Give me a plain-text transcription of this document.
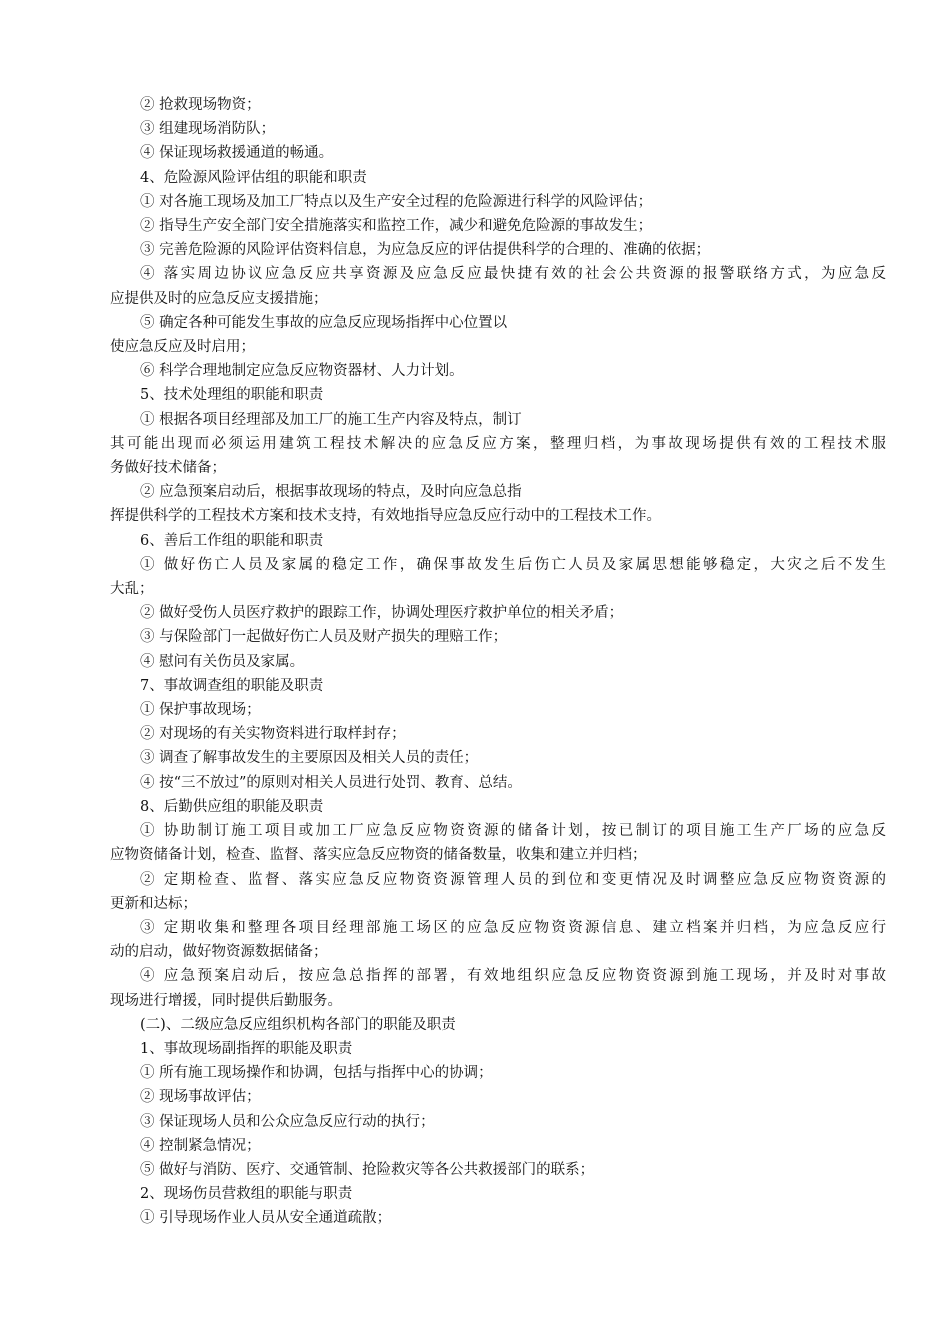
② 抢救现场物资；

③ 组建现场消防队；

④ 保证现场救援通道的畅通。

4、危险源风险评估组的职能和职责

① 对各施工现场及加工厂特点以及生产安全过程的危险源进行科学的风险评估；

② 指导生产安全部门安全措施落实和监控工作，减少和避免危险源的事故发生；

③ 完善危险源的风险评估资料信息，为应急反应的评估提供科学的合理的、准确的依据；

④ 落实周边协议应急反应共享资源及应急反应最快捷有效的社会公共资源的报警联络方式，为应急反

应提供及时的应急反应支援措施；

⑤ 确定各种可能发生事故的应急反应现场指挥中心位置以

使应急反应及时启用；

⑥ 科学合理地制定应急反应物资器材、人力计划。

5、技术处理组的职能和职责

① 根据各项目经理部及加工厂的施工生产内容及特点，制订

其可能出现而必须运用建筑工程技术解决的应急反应方案，整理归档，为事故现场提供有效的工程技术服

务做好技术储备；

② 应急预案启动后，根据事故现场的特点，及时向应急总指

挥提供科学的工程技术方案和技术支持，有效地指导应急反应行动中的工程技术工作。

6、善后工作组的职能和职责

① 做好伤亡人员及家属的稳定工作，确保事故发生后伤亡人员及家属思想能够稳定，大灾之后不发生

大乱；

② 做好受伤人员医疗救护的跟踪工作，协调处理医疗救护单位的相关矛盾；

③ 与保险部门一起做好伤亡人员及财产损失的理赔工作；

④ 慰问有关伤员及家属。

7、事故调查组的职能及职责

① 保护事故现场；

② 对现场的有关实物资料进行取样封存；

③ 调查了解事故发生的主要原因及相关人员的责任；

④ 按“三不放过”的原则对相关人员进行处罚、教育、总结。

8、后勤供应组的职能及职责

① 协助制订施工项目或加工厂应急反应物资资源的储备计划，按已制订的项目施工生产厂场的应急反

应物资储备计划，检查、监督、落实应急反应物资的储备数量，收集和建立并归档；

② 定期检查、监督、落实应急反应物资资源管理人员的到位和变更情况及时调整应急反应物资资源的

更新和达标；

③ 定期收集和整理各项目经理部施工场区的应急反应物资资源信息、建立档案并归档，为应急反应行

动的启动，做好物资源数据储备；

④ 应急预案启动后，按应急总指挥的部署，有效地组织应急反应物资资源到施工现场，并及时对事故

现场进行增援，同时提供后勤服务。

(二)、二级应急反应组织机构各部门的职能及职责

1、事故现场副指挥的职能及职责

① 所有施工现场操作和协调，包括与指挥中心的协调；

② 现场事故评估；

③ 保证现场人员和公众应急反应行动的执行；

④ 控制紧急情况；

⑤ 做好与消防、医疗、交通管制、抢险救灾等各公共救援部门的联系；

2、现场伤员营救组的职能与职责

① 引导现场作业人员从安全通道疏散；
